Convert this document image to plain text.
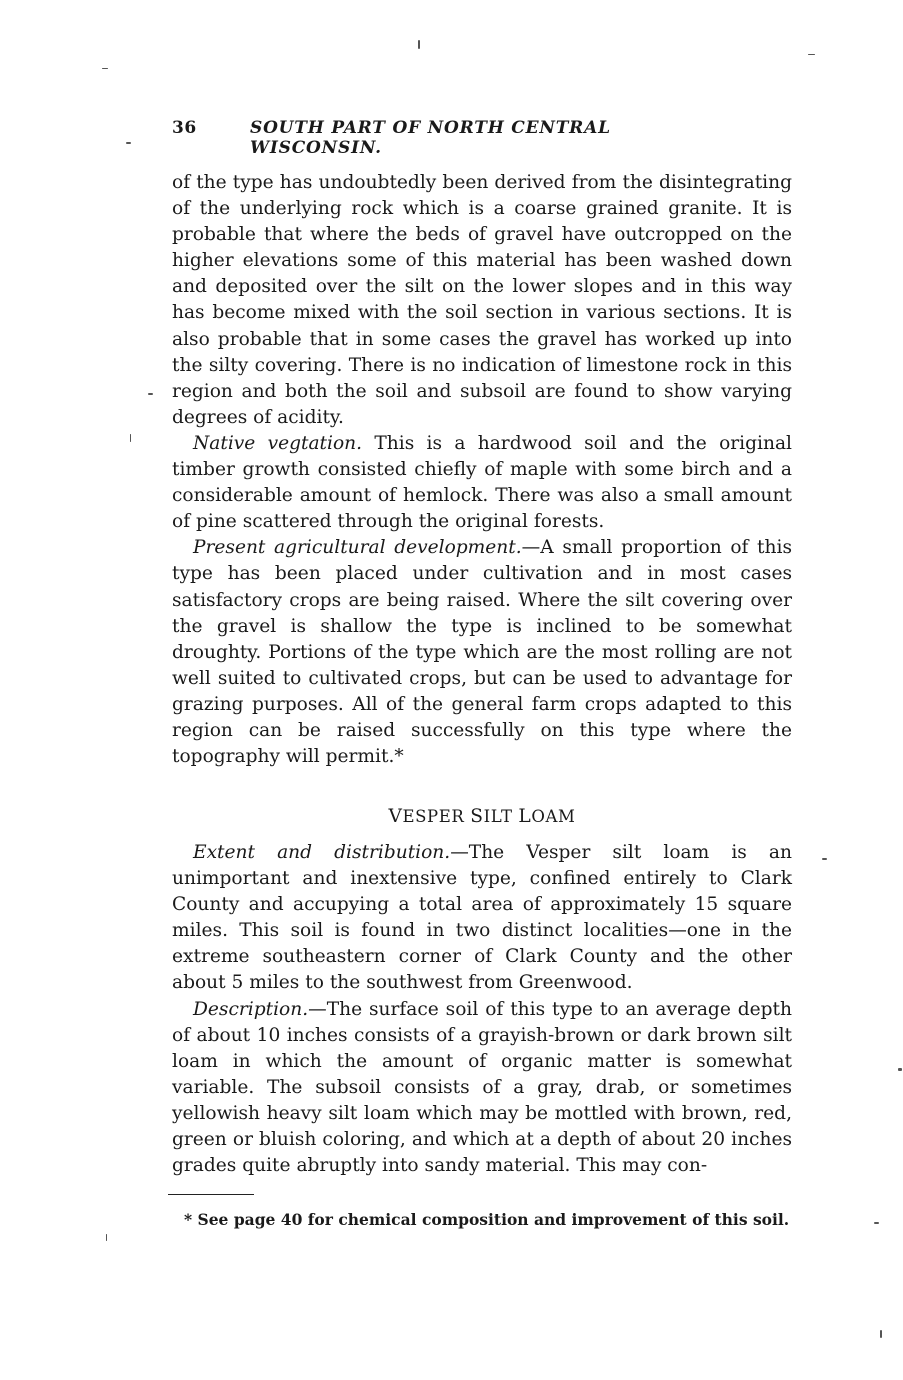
36	SOUTH PART OF NORTH CENTRAL WISCONSIN.

of the type has undoubtedly been derived from the disintegrating of the underlying rock which is a coarse grained granite. It is probable that where the beds of gravel have outcropped on the higher elevations some of this material has been washed down and deposited over the silt on the lower slopes and in this way has become mixed with the soil section in various sections. It is also probable that in some cases the gravel has worked up into the silty covering. There is no indication of limestone rock in this region and both the soil and subsoil are found to show varying degrees of acidity.

Native vegtation. This is a hardwood soil and the original timber growth consisted chiefly of maple with some birch and a considerable amount of hemlock. There was also a small amount of pine scattered through the original forests.

Present agricultural development.—A small proportion of this type has been placed under cultivation and in most cases satisfactory crops are being raised. Where the silt covering over the gravel is shallow the type is inclined to be somewhat droughty. Portions of the type which are the most rolling are not well suited to cultivated crops, but can be used to advantage for grazing purposes. All of the general farm crops adapted to this region can be raised successfully on this type where the topography will permit.*

VESPER SILT LOAM

Extent and distribution.—The Vesper silt loam is an unimportant and inextensive type, confined entirely to Clark County and accupying a total area of approximately 15 square miles. This soil is found in two distinct localities—one in the extreme southeastern corner of Clark County and the other about 5 miles to the southwest from Greenwood.

Description.—The surface soil of this type to an average depth of about 10 inches consists of a grayish-brown or dark brown silt loam in which the amount of organic matter is somewhat variable. The subsoil consists of a gray, drab, or sometimes yellowish heavy silt loam which may be mottled with brown, red, green or bluish coloring, and which at a depth of about 20 inches grades quite abruptly into sandy material. This may con-

* See page 40 for chemical composition and improvement of this soil.
